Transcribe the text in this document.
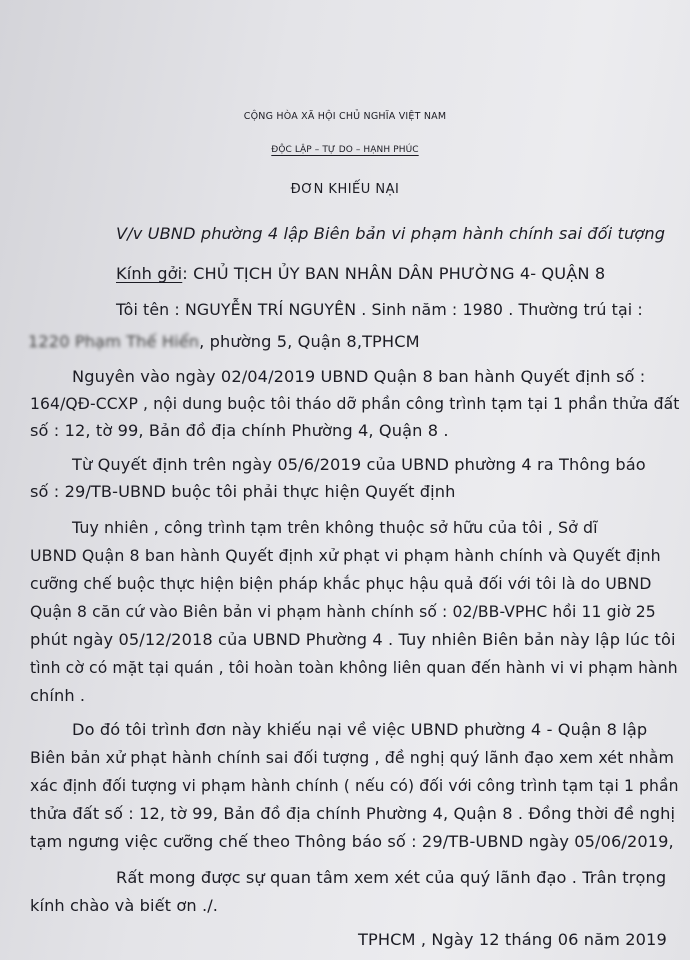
CỘNG HÒA XÃ HỘI CHỦ NGHĨA VIỆT NAM
ĐỘC LẬP – TỰ DO – HẠNH PHÚC
ĐƠN KHIẾU NẠI
V/v UBND phường 4 lập Biên bản vi phạm hành chính sai đối tượng
Kính gởi: CHỦ TỊCH ỦY BAN NHÂN DÂN PHƯỜNG 4- QUẬN 8
Tôi tên : NGUYỄN TRÍ NGUYÊN . Sinh năm : 1980 . Thường trú tại :
1220 Phạm Thế Hiển, phường 5, Quận 8,TPHCM
Nguyên vào ngày 02/04/2019 UBND Quận 8 ban hành Quyết định số :
164/QĐ-CCXP , nội dung buộc tôi tháo dỡ phần công trình tạm tại 1 phần thửa đất
số : 12, tờ 99, Bản đồ địa chính Phường 4, Quận 8 .
Từ Quyết định trên ngày 05/6/2019 của UBND phường 4 ra Thông báo
số : 29/TB-UBND buộc tôi phải thực hiện Quyết định
Tuy nhiên , công trình tạm trên không thuộc sở hữu của tôi , Sở dĩ
UBND Quận 8 ban hành Quyết định xử phạt vi phạm hành chính và Quyết định
cưỡng chế buộc thực hiện biện pháp khắc phục hậu quả đối với tôi là do UBND
Quận 8 căn cứ vào Biên bản vi phạm hành chính số : 02/BB-VPHC hồi 11 giờ 25
phút ngày 05/12/2018 của UBND Phường 4 . Tuy nhiên Biên bản này lập lúc tôi
tình cờ có mặt tại quán , tôi hoàn toàn không liên quan đến hành vi vi phạm hành
chính .
Do đó tôi trình đơn này khiếu nại về việc UBND phường 4 - Quận 8 lập
Biên bản xử phạt hành chính sai đối tượng , đề nghị quý lãnh đạo xem xét nhằm
xác định đối tượng vi phạm hành chính ( nếu có) đối với công trình tạm tại 1 phần
thửa đất số : 12, tờ 99, Bản đồ địa chính Phường 4, Quận 8 . Đồng thời đề nghị
tạm ngưng việc cưỡng chế theo Thông báo số : 29/TB-UBND ngày 05/06/2019,
Rất mong được sự quan tâm xem xét của quý lãnh đạo . Trân trọng
kính chào và biết ơn ./.
TPHCM , Ngày 12 tháng 06 năm 2019
